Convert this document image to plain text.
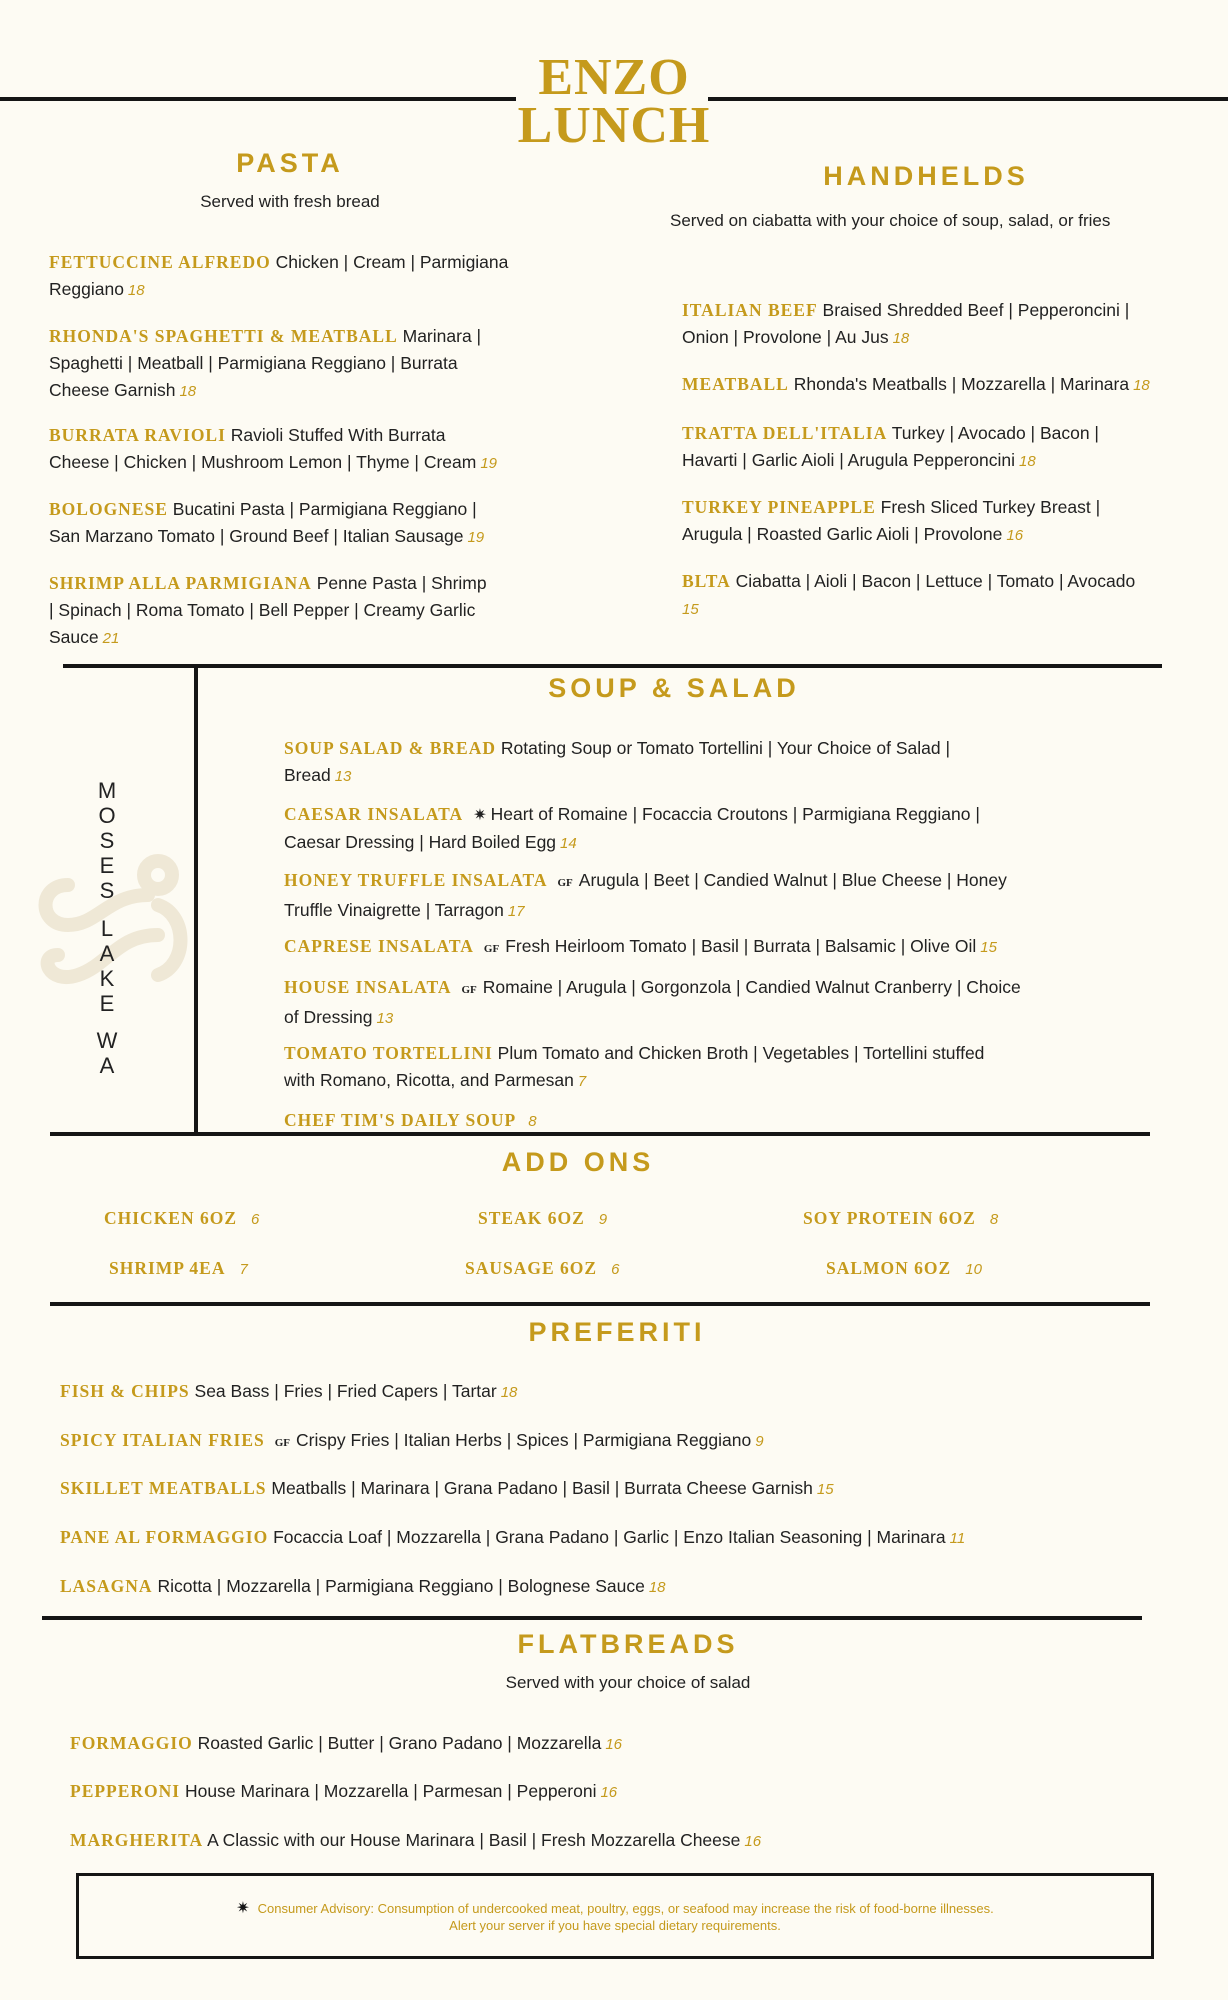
ENZO
LUNCH
PASTA
Served with fresh bread
FETTUCCINE ALFREDO Chicken | Cream | Parmigiana
Reggiano 18
RHONDA'S SPAGHETTI & MEATBALL Marinara |
Spaghetti | Meatball | Parmigiana Reggiano | Burrata
Cheese Garnish 18
BURRATA RAVIOLI Ravioli Stuffed With Burrata
Cheese | Chicken | Mushroom Lemon | Thyme | Cream 19
BOLOGNESE Bucatini Pasta | Parmigiana Reggiano |
San Marzano Tomato | Ground Beef | Italian Sausage 19
SHRIMP ALLA PARMIGIANA Penne Pasta | Shrimp
| Spinach | Roma Tomato | Bell Pepper | Creamy Garlic
Sauce 21
HANDHELDS
Served on ciabatta with your choice of soup, salad, or fries
ITALIAN BEEF Braised Shredded Beef | Pepperoncini |
Onion | Provolone | Au Jus 18
MEATBALL Rhonda's Meatballs | Mozzarella | Marinara 18
TRATTA DELL'ITALIA Turkey | Avocado | Bacon |
Havarti | Garlic Aioli | Arugula Pepperoncini 18
TURKEY PINEAPPLE Fresh Sliced Turkey Breast |
Arugula | Roasted Garlic Aioli | Provolone 16
BLTA Ciabatta | Aioli | Bacon | Lettuce | Tomato | Avocado
15
M
O
S
E
S
L
A
K
E
W
A
SOUP & SALAD
SOUP SALAD & BREAD Rotating Soup or Tomato Tortellini | Your Choice of Salad |
Bread 13
CAESAR INSALATA ✷ Heart of Romaine | Focaccia Croutons | Parmigiana Reggiano |
Caesar Dressing | Hard Boiled Egg 14
HONEY TRUFFLE INSALATA GF Arugula | Beet | Candied Walnut | Blue Cheese | Honey
Truffle Vinaigrette | Tarragon 17
CAPRESE INSALATA GF Fresh Heirloom Tomato | Basil | Burrata | Balsamic | Olive Oil 15
HOUSE INSALATA GF Romaine | Arugula | Gorgonzola | Candied Walnut Cranberry | Choice
of Dressing 13
TOMATO TORTELLINI Plum Tomato and Chicken Broth | Vegetables | Tortellini stuffed
with Romano, Ricotta, and Parmesan 7
CHEF TIM'S DAILY SOUP 8
ADD ONS
CHICKEN 6OZ 6	STEAK 6OZ 9	SOY PROTEIN 6OZ 8
SHRIMP 4EA 7	SAUSAGE 6OZ 6	SALMON 6OZ 10
PREFERITI
FISH & CHIPS Sea Bass | Fries | Fried Capers | Tartar 18
SPICY ITALIAN FRIES GF Crispy Fries | Italian Herbs | Spices | Parmigiana Reggiano 9
SKILLET MEATBALLS Meatballs | Marinara | Grana Padano | Basil | Burrata Cheese Garnish 15
PANE AL FORMAGGIO Focaccia Loaf | Mozzarella | Grana Padano | Garlic | Enzo Italian Seasoning | Marinara 11
LASAGNA Ricotta | Mozzarella | Parmigiana Reggiano | Bolognese Sauce 18
FLATBREADS
Served with your choice of salad
FORMAGGIO Roasted Garlic | Butter | Grano Padano | Mozzarella 16
PEPPERONI House Marinara | Mozzarella | Parmesan | Pepperoni 16
MARGHERITA A Classic with our House Marinara | Basil | Fresh Mozzarella Cheese 16
✷ Consumer Advisory: Consumption of undercooked meat, poultry, eggs, or seafood may increase the risk of food-borne illnesses.
Alert your server if you have special dietary requirements.
